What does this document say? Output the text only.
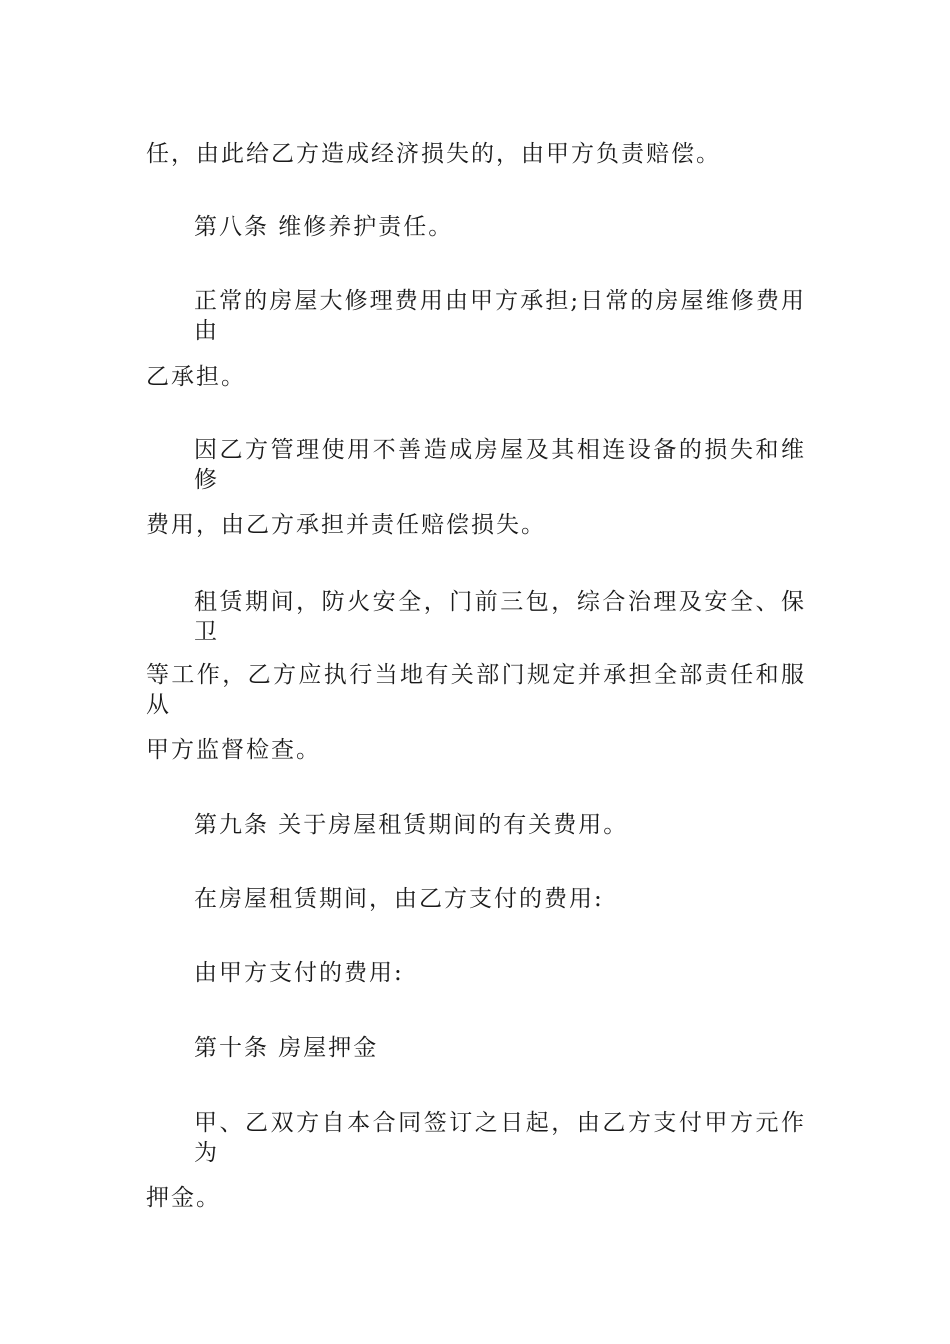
任，由此给乙方造成经济损失的，由甲方负责赔偿。
第八条 维修养护责任。
正常的房屋大修理费用由甲方承担;日常的房屋维修费用由
乙承担。
因乙方管理使用不善造成房屋及其相连设备的损失和维修
费用，由乙方承担并责任赔偿损失。
租赁期间，防火安全，门前三包，综合治理及安全、保卫
等工作，乙方应执行当地有关部门规定并承担全部责任和服从
甲方监督检查。
第九条 关于房屋租赁期间的有关费用。
在房屋租赁期间，由乙方支付的费用:
由甲方支付的费用:
第十条 房屋押金
甲、乙双方自本合同签订之日起，由乙方支付甲方元作为
押金。
